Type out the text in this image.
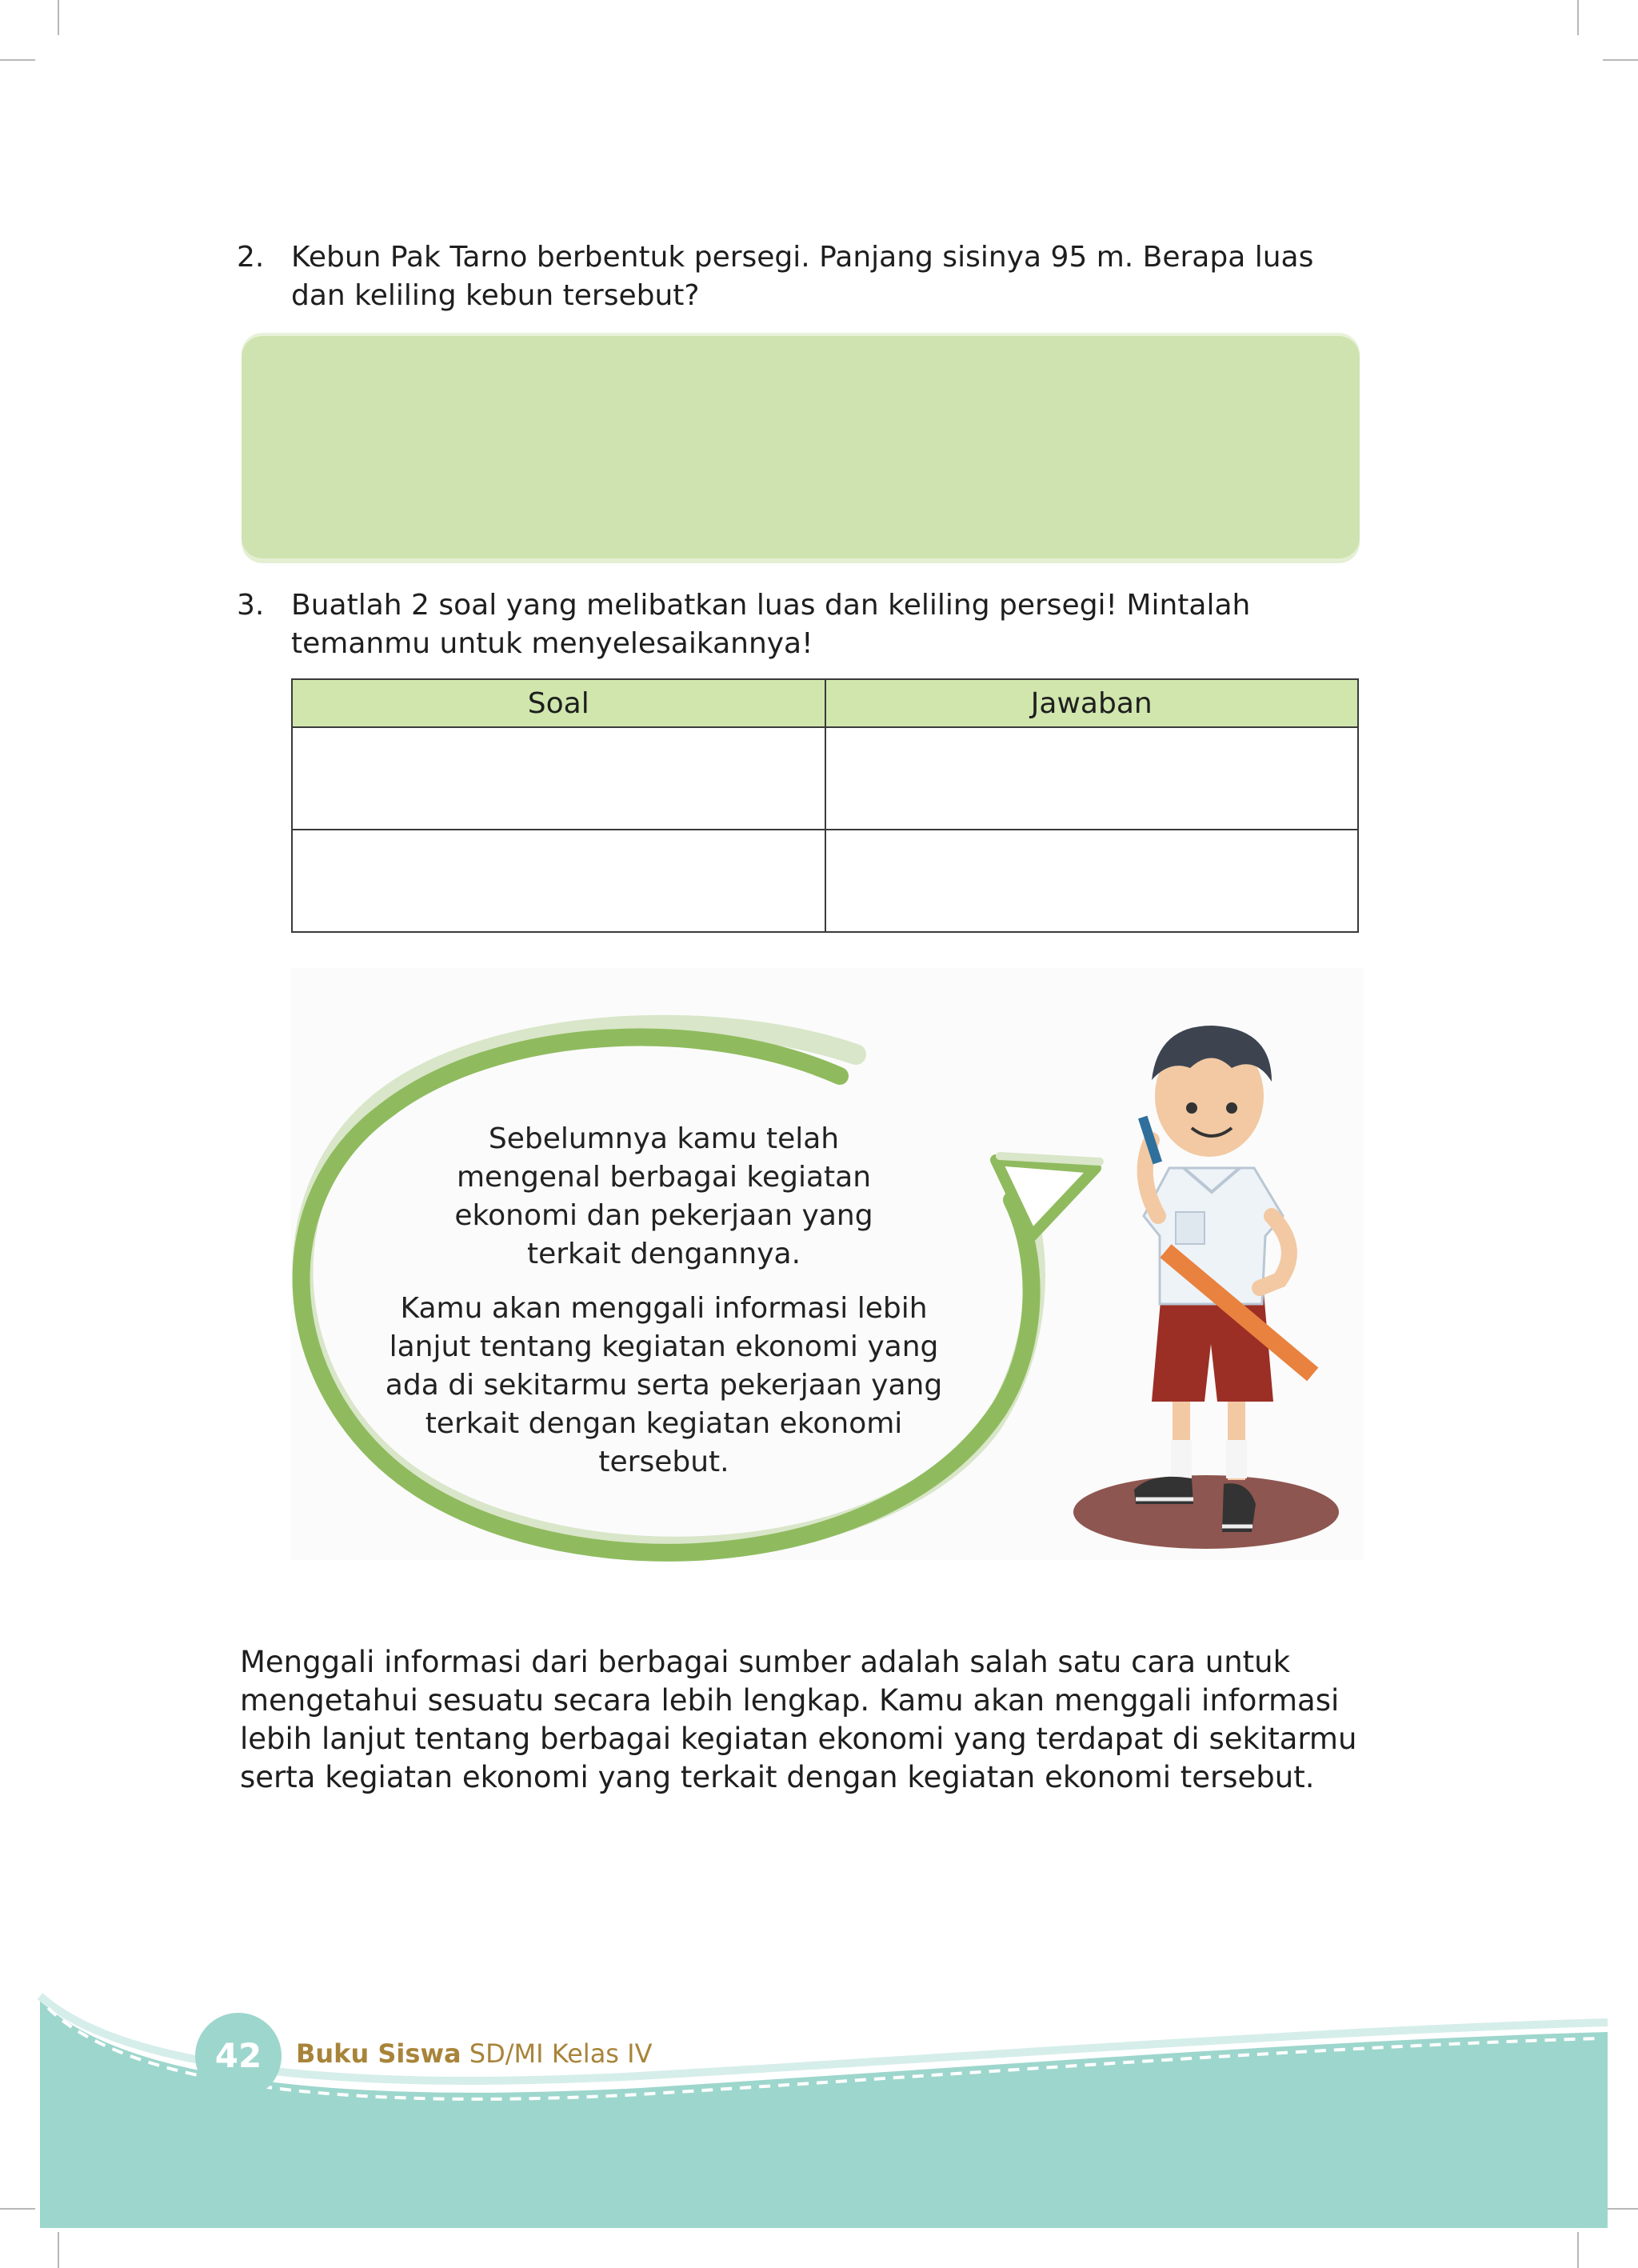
2. Kebun Pak Tarno berbentuk persegi. Panjang sisinya 95 m. Berapa luas dan keliling kebun tersebut?
3. Buatlah 2 soal yang melibatkan luas dan keliling persegi! Mintalah temanmu untuk menyelesaikannya!
Soal	Jawaban

Sebelumnya kamu telah mengenal berbagai kegiatan ekonomi dan pekerjaan yang terkait dengannya.

Kamu akan menggali informasi lebih lanjut tentang kegiatan ekonomi yang ada di sekitarmu serta pekerjaan yang terkait dengan kegiatan ekonomi tersebut.

Menggali informasi dari berbagai sumber adalah salah satu cara untuk
mengetahui sesuatu secara lebih lengkap. Kamu akan menggali informasi
lebih lanjut tentang berbagai kegiatan ekonomi yang terdapat di sekitarmu
serta kegiatan ekonomi yang terkait dengan kegiatan ekonomi tersebut.
42	Buku Siswa SD/MI Kelas IV
